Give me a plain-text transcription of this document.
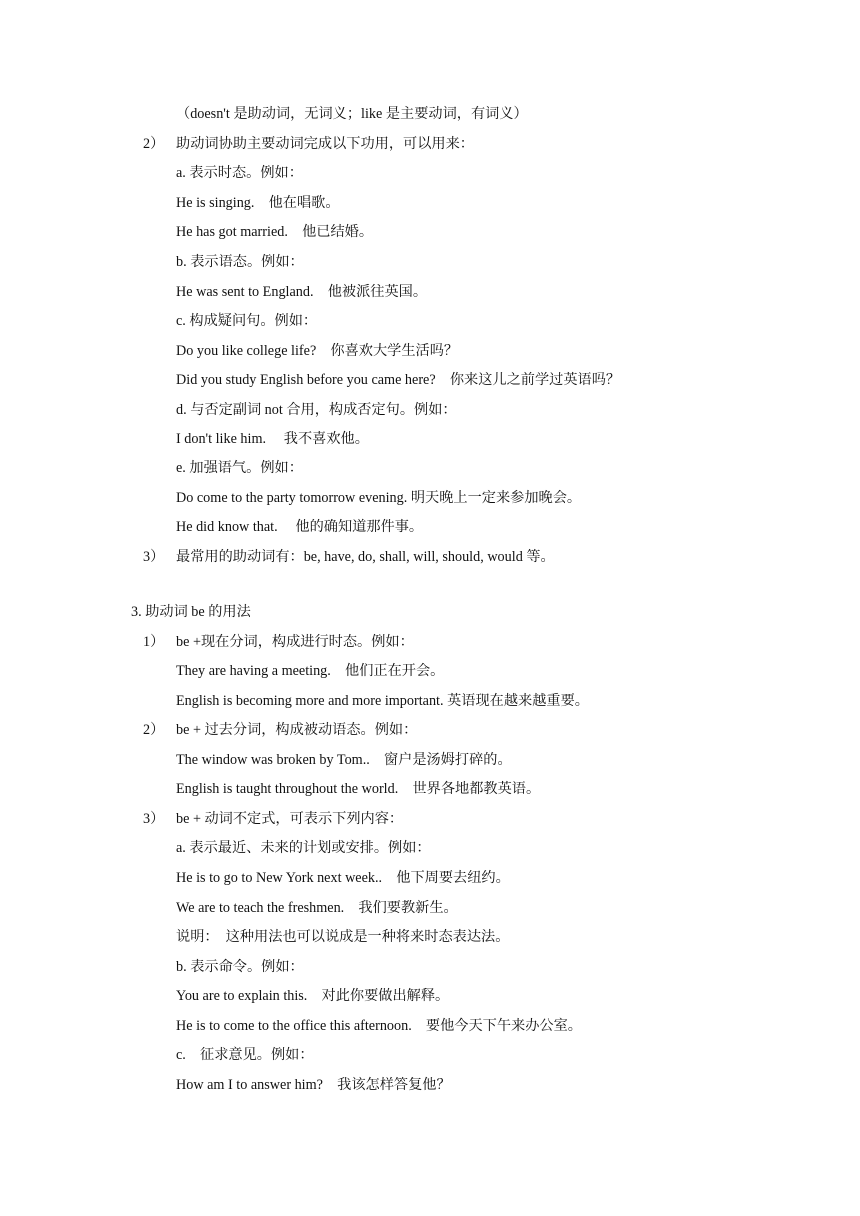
（doesn't 是助动词，无词义；like 是主要动词，有词义）
2） 助动词协助主要动词完成以下功用，可以用来：
a. 表示时态。例如：
He is singing.　他在唱歌。
He has got married.　他已结婚。
b. 表示语态。例如：
He was sent to England.　他被派往英国。
c. 构成疑问句。例如：
Do you like college life?　你喜欢大学生活吗？
Did you study English before you came here?　你来这儿之前学过英语吗？
d. 与否定副词 not 合用，构成否定句。例如：
I don't like him.　 我不喜欢他。
e. 加强语气。例如：
Do come to the party tomorrow evening. 明天晚上一定来参加晚会。
He did know that.　 他的确知道那件事。
3） 最常用的助动词有：be, have, do, shall, will, should, would 等。
3. 助动词 be 的用法
1） be +现在分词，构成进行时态。例如：
They are having a meeting.　他们正在开会。
English is becoming more and more important. 英语现在越来越重要。
2） be + 过去分词，构成被动语态。例如：
The window was broken by Tom..　窗户是汤姆打碎的。
English is taught throughout the world.　世界各地都教英语。
3） be + 动词不定式，可表示下列内容：
a. 表示最近、未来的计划或安排。例如：
He is to go to New York next week..　他下周要去纽约。
We are to teach the freshmen.　我们要教新生。
说明：　这种用法也可以说成是一种将来时态表达法。
b. 表示命令。例如：
You are to explain this.　对此你要做出解释。
He is to come to the office this afternoon.　要他今天下午来办公室。
c.　征求意见。例如：
How am I to answer him?　我该怎样答复他？
